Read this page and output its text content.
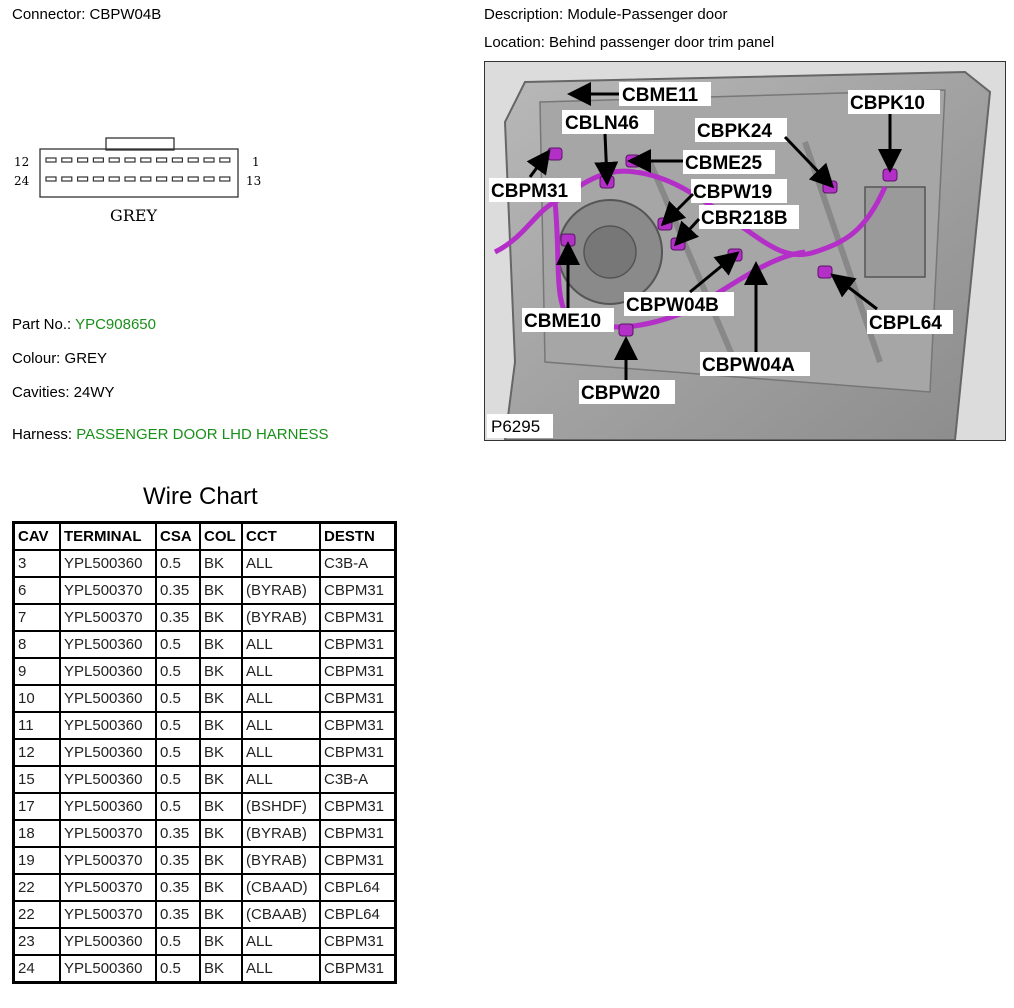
Connector: CBPW04B
12
24
1
13
GREY
Part No.: YPC908650
Colour: GREY
Cavities: 24WY
Harness: PASSENGER DOOR LHD HARNESS
Description: Module-Passenger door
Location: Behind passenger door trim panel
CBME11
CBLN46	CBPK24
CBPK10
CBME25
CBPM31	CBPW19
CBR218B
CBPW04B
CBME10	CBPL64
CBPW04A
CBPW20
P6295
Wire Chart
CAV	TERMINAL	CSA	COL	CCT	DESTN
3	YPL500360	0.5	BK	ALL	C3B-A
6	YPL500370	0.35	BK	(BYRAB)	CBPM31
7	YPL500370	0.35	BK	(BYRAB)	CBPM31
8	YPL500360	0.5	BK	ALL	CBPM31
9	YPL500360	0.5	BK	ALL	CBPM31
10	YPL500360	0.5	BK	ALL	CBPM31
11	YPL500360	0.5	BK	ALL	CBPM31
12	YPL500360	0.5	BK	ALL	CBPM31
15	YPL500360	0.5	BK	ALL	C3B-A
17	YPL500360	0.5	BK	(BSHDF)	CBPM31
18	YPL500370	0.35	BK	(BYRAB)	CBPM31
19	YPL500370	0.35	BK	(BYRAB)	CBPM31
22	YPL500370	0.35	BK	(CBAAD)	CBPL64
22	YPL500370	0.35	BK	(CBAAB)	CBPL64
23	YPL500360	0.5	BK	ALL	CBPM31
24	YPL500360	0.5	BK	ALL	CBPM31
